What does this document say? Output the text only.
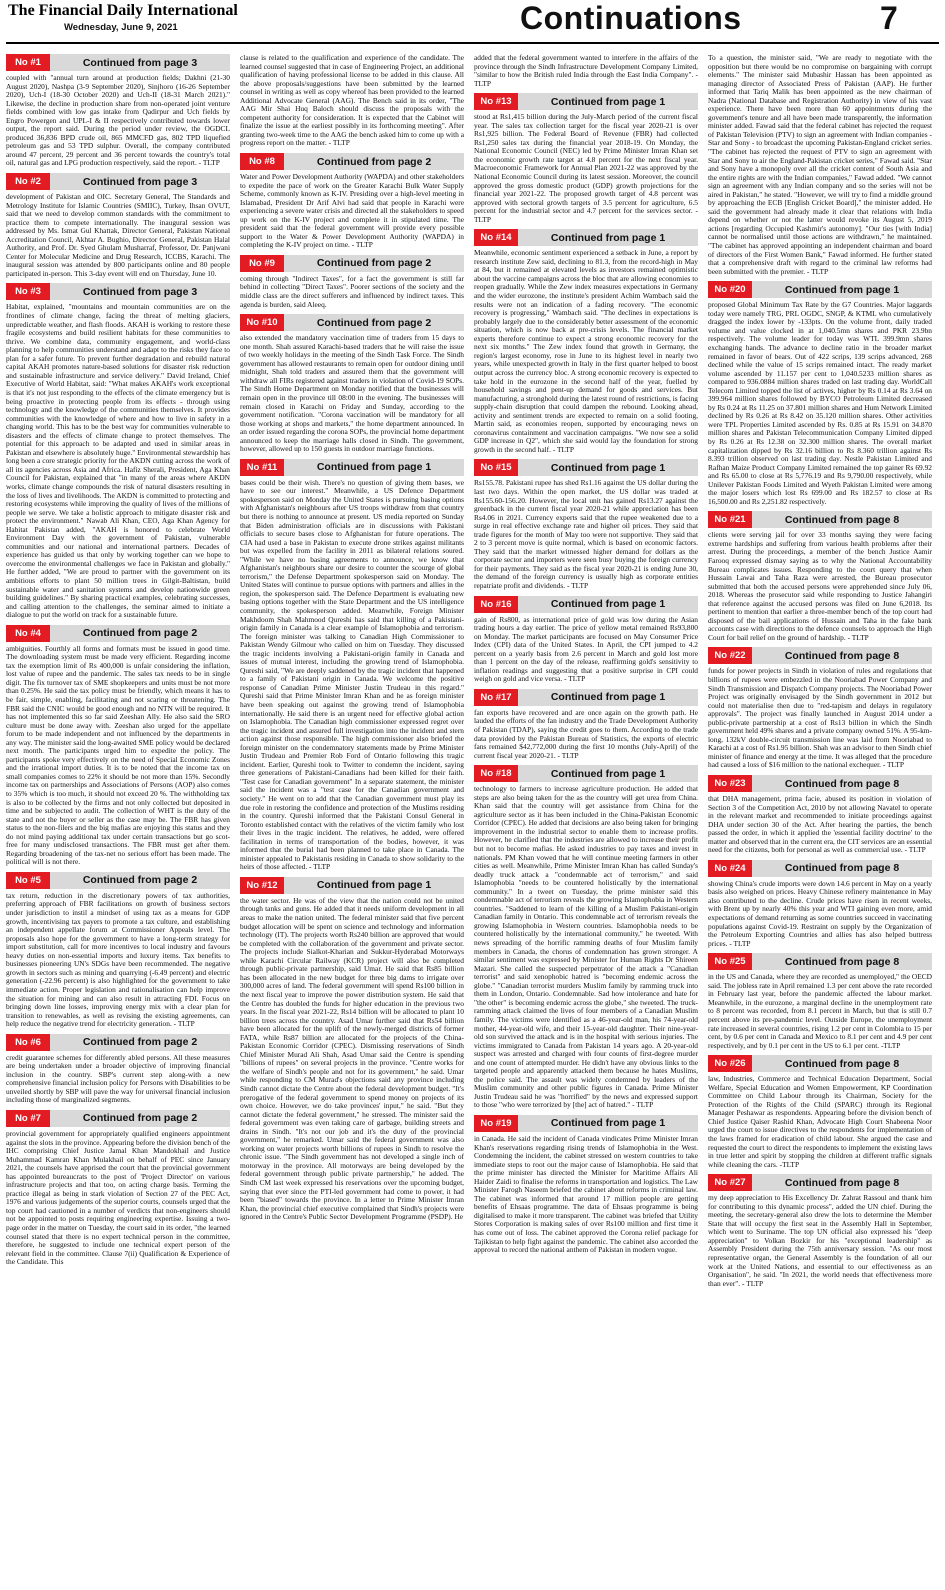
The Financial Daily International
Wednesday, June 9, 2021	Continuations	7
No #1	Continued from page 3
coupled with "annual turn around at production fields; Dakhni (21-30 August 2020), Nashpa (3-9 September 2020), Sinjhoro (16-26 September 2020), Uch-I (18-30 October 2020) and Uch-II (18-31 March 2021)." Likewise, the decline in production share from non-operated joint venture fields combined with low gas intake from Qadirpur and Uch fields by Engro Powergen and UPL-I & II respectively contributed towards lower output, the report said. During the period under review, the OGDCL produced 36,836 BPD crude oil, 865 MMCFD gas, 802 TPD liquefied petroleum gas and 53 TPD sulphur. Overall, the company contributed around 47 percent, 29 percent and 36 percent towards the country's total oil, natural gas and LPG production respectively, said the report. - TLTP
No #2	Continued from page 3
development of Pakistan and OIC. Secretary General, The Standards and Metrology Institute for Islamic Countries (SMIIC), Turkey, Ihsan OVUT, said that we need to develop common standards with the commitment to practice them to compete internationally. The inaugural session was addressed by Ms. Ismat Gul Khattak, Director General, Pakistan National Accreditation Council, Akhtar A. Bughio, Director General, Pakistan Halal Authority, and Prof. Dr. Syed Ghulam Musharraf, Professor, Dr. Panjwani Center for Molecular Medicine and Drug Research, ICCBS, Karachi. The inaugural session was attended by 800 participants online and 80 people participated in-person. This 3-day event will end on Thursday, June 10.
No #3	Continued from page 3
Habitat, explained, "mountains and mountain communities are on the frontlines of climate change, facing the threat of melting glaciers, unpredictable weather, and flash floods. AKAH is working to restore these fragile ecosystems and build resilient habitats for these communities to thrive. We combine data, community engagement, and world-class planning to help communities understand and adapt to the risks they face to plan for a safer future. To prevent further degradation and rebuild natural capital AKAH promotes nature-based solutions for disaster risk reduction and sustainable infrastructure and service delivery." David Ireland, Chief Executive of World Habitat, said: "What makes AKAH's work exceptional is that it's not just responding to the effects of the climate emergency but is being proactive in protecting people from its effects - through using technology and the knowledge of the communities themselves. It provides communities with the knowledge of where and how to live in safety in a changing world. This has to be the best way for communities vulnerable to disasters and the effects of climate change to protect themselves. The potential for this approach to be adapted and used in similar areas in Pakistan and elsewhere is absolutely huge." Environmental stewardship has long been a core strategic priority for the AKDN cutting across the work of all its agencies across Asia and Africa. Hafiz Sherali, President, Aga Khan Council for Pakistan, explained that "in many of the areas where AKDN works, climate change compounds the risk of natural disasters resulting in the loss of lives and livelihoods. The AKDN is committed to protecting and restoring ecosystems while improving the quality of lives of the millions of people we serve. We take a holistic approach to mitigate disaster risk and protect the environment." Nawab Ali Khan, CEO, Aga Khan Agency for Habitat Pakistan added, "AKAH is honored to celebrate World Environment Day with the government of Pakistan, vulnerable communities and our national and international partners. Decades of experience has guided us that only by working together can we hope to overcome the environmental challenges we face in Pakistan and globally." He further added, "We are proud to partner with the government on its ambitious efforts to plant 50 million trees in Gilgit-Baltistan, build sustainable water and sanitation systems and develop nationwide green building guidelines." By sharing practical examples, celebrating successes, and calling attention to the challenges, the seminar aimed to initiate a dialogue to put the world on track for a sustainable future.
No #4	Continued from page 2
ambiguities. Fourthly all forms and formats must be issued in good time. The downloading system must be made very efficient. Regarding income tax the exemption limit of Rs 400,000 is unfair considering the inflation, lost value of rupee and the pandemic. The sales tax needs to be in single digit. The fix turnover tax of SME shopkeepers and units must be not more than 0.25%. He said the tax policy must be friendly, which means it has to be fair, simple, enabling, facilitating and not scaring or threatening. The FBR said the CNIC would be good enough and no NTN will be required. It has not implemented this so far said Zeeshan Ally. He also said the SRO culture must be done away with. Zeeshan also urged for the appellate forum to be made independent and not influenced by the departments in any way. The minister said the long-awaited SME policy would be declared next month. The participants urged him to expedite the policy. The participants spoke very effectively on the need of Special Economic Zones and the irrational import duties. It is to be noted that the income tax on small companies comes to 22% it should be not more than 15%. Secondly income tax on partnerships and Associations of Persons (AOP) also comes to 35% which is too much, it should not exceed 20 %. The withholding tax is also to be collected by the firms and not only collected but deposited in time and be subjected to audit. The collection of WHT is the duty of the state and not the buyer or seller as the case may be. The FBR has given status to the non-filers and the big mafias are enjoying this status and they do not mind paying additional tax under certain transactions but go scot-free for many undisclosed transactions. The FBR must get after them. Regarding broadening of the tax-net no serious effort has been made. The political will is not there.
No #5	Continued from page 2
tax return, reduction in the discretionary powers of tax authorities, preferring approach of FBR facilitations on growth of business sectors under jurisdiction to instil a mindset of using tax as a means for GDP growth, incentivising tax payers to promote a tax culture, and establishing an independent appellate forum at Commissioner Appeals level. The proposals also hope for the government to have a long-term strategy for import substitution, call for more incentives to local industry and favours heavy duties on non-essential imports and luxury items. Tax benefits to businesses pioneering UN's SDGs have been recommended. The negative growth in sectors such as mining and quarrying (-6.49 percent) and electric generation (-22.96 percent) is also highlighted for the government to take immediate action. Proper legislation and rationalisation can help improve the situation for mining and can also result in attracting FDI. Focus on bringing down line losses, improving energy mix with a clear plan for transition to renewables, as well as revising the existing agreements, can help reduce the negative trend for electricity generation. - TLTP
No #6	Continued from page 2
credit guarantee schemes for differently abled persons. All these measures are being undertaken under a broader objective of improving financial inclusion in the country. SBP's current step along-with a new comprehensive financial inclusion policy for Persons with Disabilities to be unveiled shortly by SBP will pave the way for universal financial inclusion including those of marginalized segments.
No #7	Continued from page 2
provincial government for appropriately qualified engineers appointment against the slots in the province. Appearing before the division bench of the IHC comprising Chief Justice Jamal Khan Mandokhail and Justice Muhammad Kamran Khan Mulakhail on behalf of PEC since January 2021, the counsels have apprised the court that the provincial government has appointed bureaucrats to the post of 'Project Director' on various infrastructure projects and that too, on acting charge basis. Terming the practice illegal as being in stark violation of Section 27 of the PEC Act, 1976 and various judgements of the superior courts, counsels urged that the top court had cautioned in a number of verdicts that non-engineers should not be appointed to posts requiring engineering expertise. Issuing a two-page order in the matter on Tuesday, the court said in its order, "the learned counsel stated that there is no expert technical person in the committee, therefore, he suggested to include one technical expert person of the relevant field in the committee. Clause 7(ii) Qualification & Experience of the Candidate. This
clause is related to the qualification and experience of the candidate. The learned counsel suggested that in case of Engineering Project, an additional qualification of having professional license to be added in this clause. All the above proposals/suggestions have been submitted by the learned counsel in writing as well as copy whereof has been provided to the learned Additional Advocate General (AAG). The Bench said in its order, "The AAG Mir Shai Huq Baloch should discuss the proposals with the competent authority for consideration. It is expected that the Cabinet will finalize the issue at the earliest possibly in its forthcoming meeting". After granting two-week time to the AAG the bench asked him to come up with a progress report on the matter. - TLTP
No #8	Continued from page 2
Water and Power Development Authority (WAPDA) and other stakeholders to expedite the pace of work on the Greater Karachi Bulk Water Supply Scheme, commonly known as K-IV. Presiding over a high-level meeting in Islamabad, President Dr Arif Alvi had said that people in Karachi were experiencing a severe water crisis and directed all the stakeholders to speed up work on the K-IV project and complete it in stipulated time. The president said that the federal government will provide every possible support to the Water & Power Development Authority (WAPDA) in completing the K-IV project on time. - TLTP
No #9	Continued from page 2
coming through "Indirect Taxes", for a fact the government is still far behind in collecting "Direct Taxes". Poorer sections of the society and the middle class are the direct sufferers and influenced by indirect taxes. This agenda is burden, said Aleeq.
No #10	Continued from page 2
also extended the mandatory vaccination time of traders from 15 days to one month. Shah assured Karachi-based traders that he will raise the issue of two weekly holidays in the meeting of the Sindh Task Force. The Sindh government has allowed restaurants to remain open for outdoor dining until midnight, Shah told traders and assured them that the government will withdraw all FIRs registered against traders in violation of Covid-19 SOPs. The Sindh Home Department on Monday notified that the businesses will remain open in the province till 08:00 in the evening. The businesses will remain closed in Karachi on Friday and Sunday, according to the government notification. "Corona vaccination will be mandatory for all those working at shops and markets," the home department announced. In an order issued regarding the corona SOPs, the provincial home department announced to keep the marriage halls closed in Sindh. The government, however, allowed up to 150 guests in outdoor marriage functions.
No #11	Continued from page 1
bases could be their wish. There's no question of giving them bases, we have to see our interest." Meanwhile, a US Defence Department spokesperson said on Monday the United States is pursuing basing options with Afghanistan's neighbours after US troops withdraw from that country but there is nothing to announce at present. US media reported on Sunday that Biden administration officials are in discussions with Pakistani officials to secure bases close to Afghanistan for future operations. The CIA had used a base in Pakistan to execute drone strikes against militants but was expelled from the facility in 2011 as bilateral relations soured. "While we have no basing agreements to announce, we know that Afghanistan's neighbours share our desire to counter the scourge of global terrorism," the Defense Department spokesperson said on Monday. The United States will continue to pursue options with partners and allies in the region, the spokesperson said. The Defence Department is evaluating new basing options together with the State Department and the US intelligence community, the spokesperson added. Meanwhile, Foreign Minister Makhdoom Shah Mahmood Qureshi has said that killing of a Pakistani-origin family in Canada is a clear example of Islamophobia and terrorism. The foreign minister was talking to Canadian High Commissioner to Pakistan Wendy Gilmour who called on him on Tuesday. They discussed the tragic incidents involving a Pakistani-origin family in Canada and issues of mutual interest, including the growing trend of Islamophobia. Qureshi said, "We are deeply saddened by the tragic incident that happened to a family of Pakistani origin in Canada. We welcome the positive response of Canadian Prime Minister Justin Trudeau in this regard." Qureshi said that Prime Minister Imran Khan and he as foreign minister have been speaking out against the growing trend of Islamophobia internationally. He said there is an urgent need for effective global action on Islamophobia. The Canadian high commissioner expressed regret over the tragic incident and assured full investigation into the incident and stern action against those responsible. The high commissioner also briefed the foreign minister on the condemnatory statements made by Prime Minister Justin Trudeau and Premier Rob Ford of Ontario following this tragic incident. Earlier, Qureshi took to Twitter to condemn the incident, saying three generations of Pakistani-Canadians had been killed for their faith. "Test case for Canadian government" In a separate statement, the minister said the incident was a "test case for the Canadian government and society." He went on to add that the Canadian government must play its due role in restoring the confidence and protection of the Muslims residing in the country. Qureshi informed that the Pakistani Consul General in Toronto established contact with the relatives of the victim family who lost their lives in the tragic incident. The relatives, he added, were offered facilitation in terms of transportation of the bodies, however, it was informed that the burial had been planned to take place in Canada. The minister appealed to Pakistanis residing in Canada to show solidarity to the heirs of those affected. - TLTP
No #12	Continued from page 1
the water sector. He was of the view that the nation could not be united through tanks and guns. He added that it needs uniform development in all areas to make the nation united. The federal minister said that five percent budget allocation will be spent on science and technology and information technology (IT). The projects worth Rs240 billion are approved that would be completed with the collaboration of the government and private sector. The projects include Sialkot-Kharian and Sukkur-Hyderabad Motorways while Karachi Circular Railway (KCR) project will also be completed through public-private partnership, said Umar. He said that Rs85 billion has been allocated in the new budget for three big dams to irrigate over 300,000 acres of land. The federal government will spend Rs100 billion in the next fiscal year to improve the power distribution system. He said that the Centre has doubled the funds for higher education in the previous two years. In the fiscal year 2021-22, Rs14 billion will be allocated to plant 10 billion trees across the country. Asad Umar further said that Rs54 billion have been allocated for the uplift of the newly-merged districts of former FATA, while Rs87 billion are allocated for the projects of the China-Pakistan Economic Corridor (CPEC). Dismissing reservations of Sindh Chief Minister Murad Ali Shah, Asad Umar said the Centre is spending "billions of rupees" on several projects in the province. "Centre works for the welfare of Sindh's people and not for its government," he said. Umar while responding to CM Murad's objections said any province including Sindh cannot dictate the Centre about the federal development budget. "It's prerogative of the federal government to spend money on projects of its own choice. However, we do take provinces' input," he said. "But they cannot dictate the federal government," he stressed. The minister said the federal government was even taking care of garbage, building streets and drains in Sindh. "It's not our job and it's the duty of the provincial government," he remarked. Umar said the federal government was also working on water projects worth billions of rupees in Sindh to resolve the chronic issue. "The Sindh government has not developed a single inch of motorway in the province. All motorways are being developed by the federal government through public private partnership," he added. The Sindh CM last week expressed his reservations over the upcoming budget, saying that ever since the PTI-led government had come to power, it had been "biased" towards the province. In a letter to Prime Minister Imran Khan, the provincial chief executive complained that Sindh's projects were ignored in the Centre's Public Sector Development Programme (PSDP). He
added that the federal government wanted to interfere in the affairs of the province through the Sindh Infrastructure Development Company Limited, "similar to how the British ruled India through the East India Company". - TLTP
No #13	Continued from page 1
stood at Rs1,415 billion during the July-March period of the current fiscal year. The sales tax collection target for the fiscal year 2020-21 is over Rs1,925 billion. The Federal Board of Revenue (FBR) had collected Rs1,250 sales tax during the financial year 2018-19. On Monday, the National Economic Council (NEC) led by Prime Minister Imran Khan set the economic growth rate target at 4.8 percent for the next fiscal year. Macroeconomic Framework for Annual Plan 2021-22 was approved by the National Economic Council during its latest session. Moreover, the council approved the gross domestic product (GDP) growth projections for the financial year 2021-22. The proposed growth target of 4.8 percent was approved with sectoral growth targets of 3.5 percent for agriculture, 6.5 percent for the industrial sector and 4.7 percent for the services sector. - TLTP
No #14	Continued from page 1
Meanwhile, economic sentiment experienced a setback in June, a report by research institute Zew said, declining to 81.3, from the record-high in May at 84, but it remained at elevated levels as investors remained optimistic about the vaccine campaigns across the bloc that are allowing economies to reopen gradually. While the Zew index measures expectations in Germany and the wider eurozone, the institute's president Achim Wambach said the results were not an indication of a fading recovery. "The economic recovery is progressing," Wambach said. "The declines in expectations is probably largely due to the considerably better assessment of the economic situation, which is now back at pre-crisis levels. The financial market experts therefore continue to expect a strong economic recovery for the next six months." The Zew index found that growth in Germany, the region's largest economy, rose in June to its highest level in nearly two years, while unexpected growth in Italy in the first quarter helped to boost output across the currency bloc. A strong economic recovery is expected to take hold in the eurozone in the second half of the year, fuelled by household savings and pent-up demand for goods and services. But manufacturing, a stronghold during the latest round of restrictions, is facing supply-chain disruption that could dampen the rebound. Looking ahead, activity and sentiment trends are expected to remain on a solid footing, Martin said, as economies reopen, supported by encouraging news on coronavirus containment and vaccination campaigns. "We now see a solid GDP increase in Q2", which she said would lay the foundation for strong growth in the second half. - TLTP
No #15	Continued from page 1
Rs155.78. Pakistani rupee has shed Rs1.16 against the US dollar during the last two days. Within the open market, the US dollar was traded at Rs155.60-156.20. However, the local unit has gained Rs13.27 against the greenback in the current fiscal year 2020-21 while appreciation has been Rs4.06 in 2021. Currency experts said that the rupee weakened due to a surge in real effective exchange rate and higher oil prices. They said that trade figures for the month of May too were not supportive. They said that 2 to 3 percent move is quite normal, which is based on economic factors. They said that the market witnessed higher demand for dollars as the corporate sector and importers were seen busy buying the foreign currency for their payments. They said as the fiscal year 2020-21 is ending June 30, the demand of the foreign currency is usually high as corporate entities repatriate profit and dividends. - TLTP
No #16	Continued from page 1
gain of Rs800, as international price of gold was low during the Asian trading hours a day earlier. The price of yellow metal remained Rs93,800 on Monday. The market participants are focused on May Consumer Price Index (CPI) data of the United States. In April, the CPI jumped to 4.2 percent on a yearly basis from 2.6 percent in March and gold lost more than 1 percent on the day of the release, reaffirming gold's sensitivity to inflation readings and suggesting that a positive surprise in CPI could weigh on gold and vice versa. - TLTP
No #17	Continued from page 1
fan exports have recovered and are once again on the growth path. He lauded the efforts of the fan industry and the Trade Development Authority of Pakistan (TDAP), saying the credit goes to them. According to the trade data provided by the Pakistan Bureau of Statistics, the exports of electric fans remained $42,772,000 during the first 10 months (July-April) of the current fiscal year 2020-21. - TLTP
No #18	Continued from page 1
technology to farmers to increase agriculture production. He added that steps are also being taken for the as the country will get urea from China. Khan said that the country will get assistance from China for the agriculture sector as it has been included in the China-Pakistan Economic Corridor (CPEC). He added that decisions are also being taken for bringing improvement in the industrial sector to enable them to increase profits. However, he clarified that the industries are allowed to increase their profit but not to become mafias. He asked industries to pay taxes and invest in nationals. PM Khan vowed that he will continue meeting farmers in other cities as well. Meanwhile, Prime Minister Imran Khan has called Sunday's deadly truck attack a "condemnable act of terrorism," and said Islamophobia "needs to be countered holistically by the international community." In a tweet on Tuesday, the prime minister said this condemnable act of terrorism reveals the growing Islamophobia in Western countries. "Saddened to learn of the killing of a Muslim Pakistani-origin Canadian family in Ontario. This condemnable act of terrorism reveals the growing Islamophobia in Western countries. Islamophobia needs to be countered holistically by the international community," he tweeted. With news spreading of the horrific ramming deaths of four Muslim family members in Canada, the chorus of condemnation has grown stronger. A similar sentiment was expressed by Minister for Human Rights Dr Shireen Mazari. She called the suspected perpetrator of the attack a "Canadian terrorist" and said xenophobic hatred is "becoming endemic across the globe." "Canadian terrorist murders Muslim family by ramming truck into them in London, Ontario. Condemnable. Sad how intolerance and hate for "the other" is becoming endemic across the globe," she tweeted. The truck-ramming attack claimed the lives of four members of a Canadian Muslim family. The victims were identified as a 46-year-old man, his 74-year-old mother, 44-year-old wife, and their 15-year-old daughter. Their nine-year-old son survived the attack and is in the hospital with serious injuries. The victims immigrated to Canada from Pakistan 14 years ago. A 20-year-old suspect was arrested and charged with four counts of first-degree murder and one count of attempted murder. He didn't have any obvious links to the targeted people and apparently attacked them because he hates Muslims, the police said. The assault was widely condemned by leaders of the Muslim community and other public figures in Canada. Prime Minister Justin Trudeau said he was "horrified" by the news and expressed support to those "who were terrorized by [the] act of hatred." - TLTP
No #19	Continued from page 1
in Canada. He said the incident of Canada vindicates Prime Minister Imran Khan's reservations regarding rising trends of Islamophobia in the West. Condemning the incident, the cabinet stressed on western countries to take immediate steps to root out the major cause of Islamophobia. He said that the prime minister has directed the Minister for Maritime Affairs Ali Haider Zaidi to finalise the reforms in transportation and logistics. The Law Minister Farogh Naseem briefed the cabinet about reforms in criminal law. The cabinet was informed that around 17 million people are getting benefits of Ehsaas programme. The data of Ehsaas programme is being digitalised to make it more transparent. The cabinet was briefed that Utility Stores Corporation is making sales of over Rs100 million and first time it has come out of loss. The cabinet approved the Corona relief package for Tajikistan to help fight against the pandemic. The cabinet also accorded the approval to record the national anthem of Pakistan in modern vogue.
To a question, the minister said, "We are ready to negotiate with the opposition but there would be no compromise on bargaining with corrupt elements." The minister said Mubashir Hassan has been appointed as managing director of Associated Press of Pakistan (AAP). He further informed that Tariq Malik has been appointed as the new chairman of Nadra (National Database and Registration Authority) in view of his vast experience. There have been more than 60 appointments during the government's tenure and all have been made transparently, the information minister added. Fawad said that the federal cabinet has rejected the request of Pakistan Television (PTV) to sign an agreement with Indian companies - Star and Sony - to broadcast the upcoming Pakistan-England cricket series. "The cabinet has rejected the request of PTV to sign an agreement with Star and Sony to air the England-Pakistan cricket series," Fawad said. "Star and Sony have a monopoly over all the cricket content of South Asia and the entire rights are with the Indian companies," Fawad added. "We cannot sign an agreement with any Indian company and so the series will not be aired in Pakistan," he stated. "However, we will try to find a middle ground by approaching the ECB [English Cricket Board]," the minister added. He said the government had already made it clear that relations with India depend on whether or not the latter would revoke its August 5, 2019 actions [regarding Occupied Kashmir's autonomy]. "Our ties [with India] cannot be normalised until those actions are withdrawn," he maintained. "The cabinet has approved appointing an independent chairman and board of directors of the First Women Bank," Fawad informed. He further stated that a comprehensive draft with regard to the criminal law reforms had been submitted with the premier. - TLTP
No #20	Continued from page 1
proposed Global Minimum Tax Rate by the G7 Countries. Major laggards today were namely TRG, PRL OGDC, SNGP, & KTML who cumulatively dragged the index lower by -133pts. On the volume front, daily traded volume and value clocked in at 1,040.5mn shares and PKR 23.9bn respectively. The volume leader for today was WTL 399.9mn shares exchanging hands. The advance to decline ratio in the broader market remained in favor of bears. Out of 422 scrips, 139 scrips advanced, 268 declined while the value of 15 scrips remained intact. The ready market volume ascended by 11.157 per cent to 1,040.5233 million shares as compared to 936.0884 million shares traded on last trading day. WorldCall Telecom Limited topped the list of actives, higher by Rs 0.14 at Rs 3.64 on 399.964 million shares followed by BYCO Petroleum Limited decreased by Rs 0.24 at Rs 11.25 on 37.801 million shares and Hum Network Limited declined by Rs 0.26 at Rs 8.42 on 35.120 million shares. Other activities were TPL Properties Limited ascended by Rs. 0.85 at Rs 15.91 on 34.870 million shares and Pakistan Telecommunication Company Limited dipped by Rs 0.26 at Rs 12.38 on 32.300 million shares. The overall market capitalization dipped by Rs 32.16 billion to Rs 8.360 trillion against Rs 8.393 trillion observed on last trading day. Nestle Pakistan Limited and Rafhan Maize Product Company Limited remained the top gainer Rs 69.92 and Rs 65.00 to close at Rs 5,776.19 and Rs 9,790.00 respectively, while Unilever Pakistan Foods Limited and Wyeth Pakistan Limited were among the major losers which lost Rs 699.00 and Rs 182.57 to close at Rs 16,500.00 and Rs 2,251.82 respectively.
No #21	Continued from page 8
clients were serving jail for over 33 months saying they were facing extreme hardships and suffering from various health problems after their arrest. During the proceedings, a member of the bench Justice Aamir Farooq expressed dismay saying as to why the National Accountability Bureau complicates issues. Responding to the court query that when Hussain Lawai and Taha Raza were arrested, the Bureau prosecutor submitted that both the accused persons were apprehended since July 06, 2018. Whereas the prosecutor said while responding to Justice Jahangiri that reference against the accused persons was filed on June 6,2018. Its pertinent to mention that earlier a three-member bench of the top court had disposed of the bail applications of Hussain and Taha in the fake bank accounts case with directions to the defence counsels to approach the High Court for bail relief on the ground of hardship. - TLTP
No #22	Continued from page 8
funds for power projects in Sindh in violation of rules and regulations that billions of rupees were embezzled in the Nooriabad Power Company and Sindh Transmission and Dispatch Company projects. The Nooriabad Power Project was originally envisaged by the Sindh government in 2012 but could not materialise then due to "red-tapism and delays in regulatory approvals". The project was finally launched in August 2014 under a public-private partnership at a cost of Rs13 billion in which the Sindh government held 49% shares and a private company owned 51%. A 95-km-long, 132kV double-circuit transmission line was laid from Nooriabad to Karachi at a cost of Rs1.95 billion. Shah was an advisor to then Sindh chief minister of finance and energy at the time. It was alleged that the procedure had caused a loss of $16 million to the national exchequer. - TLTP
No #23	Continued from page 8
that DHA management, prima facie, abused its position in violation of Section 3 of the Competition Act, 2010 by not allowing Navatel to operate in the relevant market and recommended to initiate proceedings against DHA under section 30 of the Act. After hearing the parties, the bench passed the order, in which it applied the 'essential facility doctrine' to the matter and observed that in the current era, the CIT services are an essential need for the citizens, both for personal as well as commercial use. - TLTP
No #24	Continued from page 8
showing China's crude imports were down 14.6 percent in May on a yearly basis also weighed on prices. Heavy Chinese refinery maintenance in May also contributed to the decline. Crude prices have risen in recent weeks, with Brent up by nearly 40% this year and WTI gaining even more, amid expectations of demand returning as some countries succeed in vaccinating populations against Covid-19. Restraint on supply by the Organization of the Petroleum Exporting Countries and allies has also helped buttress prices. - TLTP
No #25	Continued from page 8
in the US and Canada, where they are recorded as unemployed," the OECD said. The jobless rate in April remained 1.3 per cent above the rate recorded in February last year, before the pandemic affected the labour market. Meanwhile, in the eurozone, a marginal decline in the unemployment rate to 8 percent was recorded, from 8.1 percent in March, but that is still 0.7 percent above its pre-pandemic level. Outside Europe, the unemployment rate increased in several countries, rising 1.2 per cent in Colombia to 15 per cent, by 0.6 per cent in Canada and Mexico to 8.1 per cent and 4.9 per cent respectively, and by 0.1 per cent in the US to 6.1 per cent. -TLTP
No #26	Continued from page 8
law, Industries, Commerce and Technical Education Department, Social Welfare, Special Education and Women Empowerment, KP Coordination Committee on Child Labour through its Chairman, Society for the Protection of the Rights of the Child (SPARC) through its Regional Manager Peshawar as respondents. Appearing before the division bench of Chief Justice Qaiser Rashid Khan, Advocate High Court Shabeena Noor urged the court to issue directives to the respondents for implementation of the laws framed for eradication of child labour. She argued the case and requested the court to direct the respondents to implement the existing laws in true letter and spirit by stopping the children at different traffic signals while cleaning the cars. -TLTP
No #27	Continued from page 8
my deep appreciation to His Excellency Dr. Zahrat Rassoul and thank him for contributing to this dynamic process", added the UN chief. During the meeting, the secretary-general also drew the lots to determine the Member State that will occupy the first seat in the Assembly Hall in September, which went to Suriname. The top UN official also expressed his "deep appreciation" to Volkan Bozkir for his "exceptional leadership" as Assembly President during the 75th anniversary session. "As our most representative organ, the General Assembly is the foundation of all our work at the United Nations, and essential to our effectiveness as an Organisation", he said. "In 2021, the world needs that effectiveness more than ever". - TLTP
